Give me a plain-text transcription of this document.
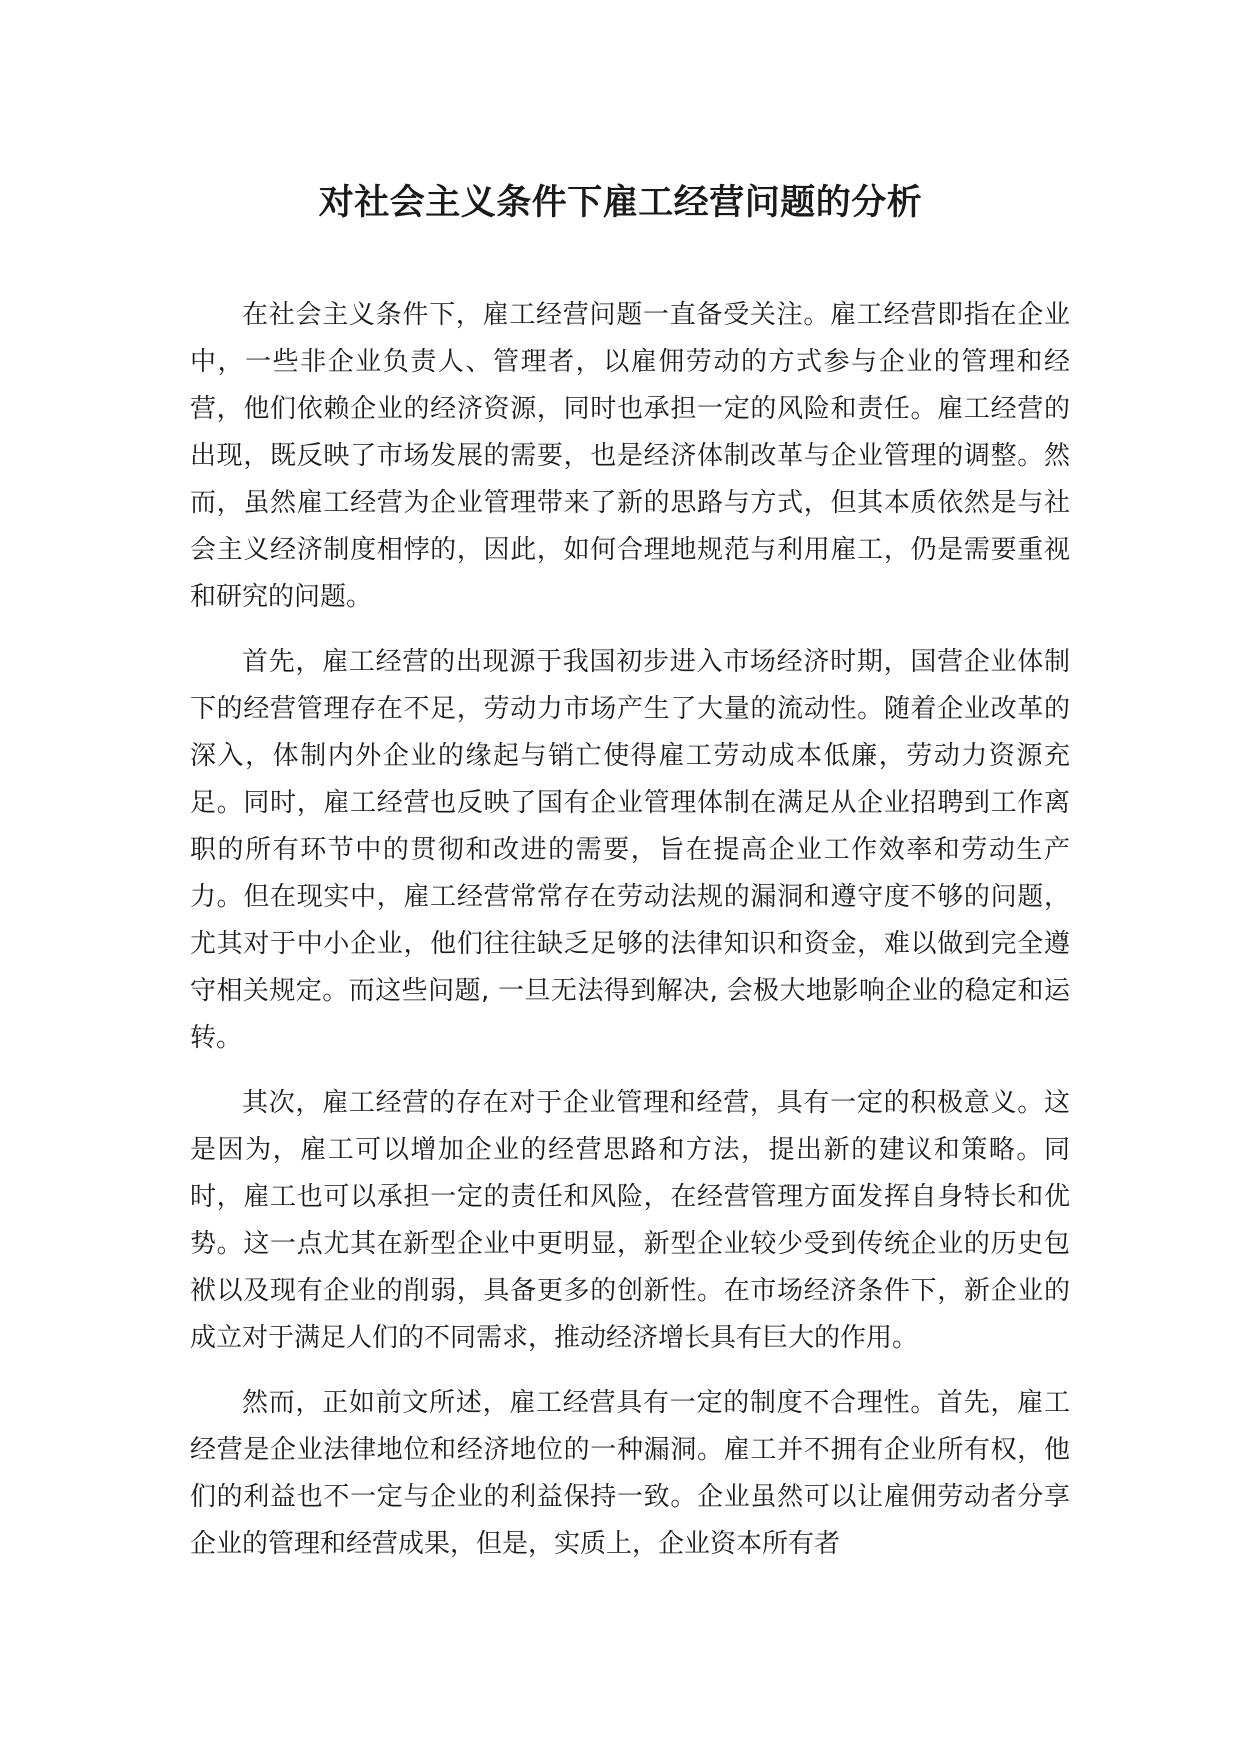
对社会主义条件下雇工经营问题的分析

在社会主义条件下，雇工经营问题一直备受关注。雇工经营即指在企业中，一些非企业负责人、管理者，以雇佣劳动的方式参与企业的管理和经营，他们依赖企业的经济资源，同时也承担一定的风险和责任。雇工经营的出现，既反映了市场发展的需要，也是经济体制改革与企业管理的调整。然而，虽然雇工经营为企业管理带来了新的思路与方式，但其本质依然是与社会主义经济制度相悖的，因此，如何合理地规范与利用雇工，仍是需要重视和研究的问题。

首先，雇工经营的出现源于我国初步进入市场经济时期，国营企业体制下的经营管理存在不足，劳动力市场产生了大量的流动性。随着企业改革的深入，体制内外企业的缘起与销亡使得雇工劳动成本低廉，劳动力资源充足。同时，雇工经营也反映了国有企业管理体制在满足从企业招聘到工作离职的所有环节中的贯彻和改进的需要，旨在提高企业工作效率和劳动生产力。但在现实中，雇工经营常常存在劳动法规的漏洞和遵守度不够的问题，尤其对于中小企业，他们往往缺乏足够的法律知识和资金，难以做到完全遵守相关规定。而这些问题, 一旦无法得到解决, 会极大地影响企业的稳定和运转。

其次，雇工经营的存在对于企业管理和经营，具有一定的积极意义。这是因为，雇工可以增加企业的经营思路和方法，提出新的建议和策略。同时，雇工也可以承担一定的责任和风险，在经营管理方面发挥自身特长和优势。这一点尤其在新型企业中更明显，新型企业较少受到传统企业的历史包袱以及现有企业的削弱，具备更多的创新性。在市场经济条件下，新企业的成立对于满足人们的不同需求，推动经济增长具有巨大的作用。

然而，正如前文所述，雇工经营具有一定的制度不合理性。首先，雇工经营是企业法律地位和经济地位的一种漏洞。雇工并不拥有企业所有权，他们的利益也不一定与企业的利益保持一致。企业虽然可以让雇佣劳动者分享企业的管理和经营成果，但是，实质上，企业资本所有者
